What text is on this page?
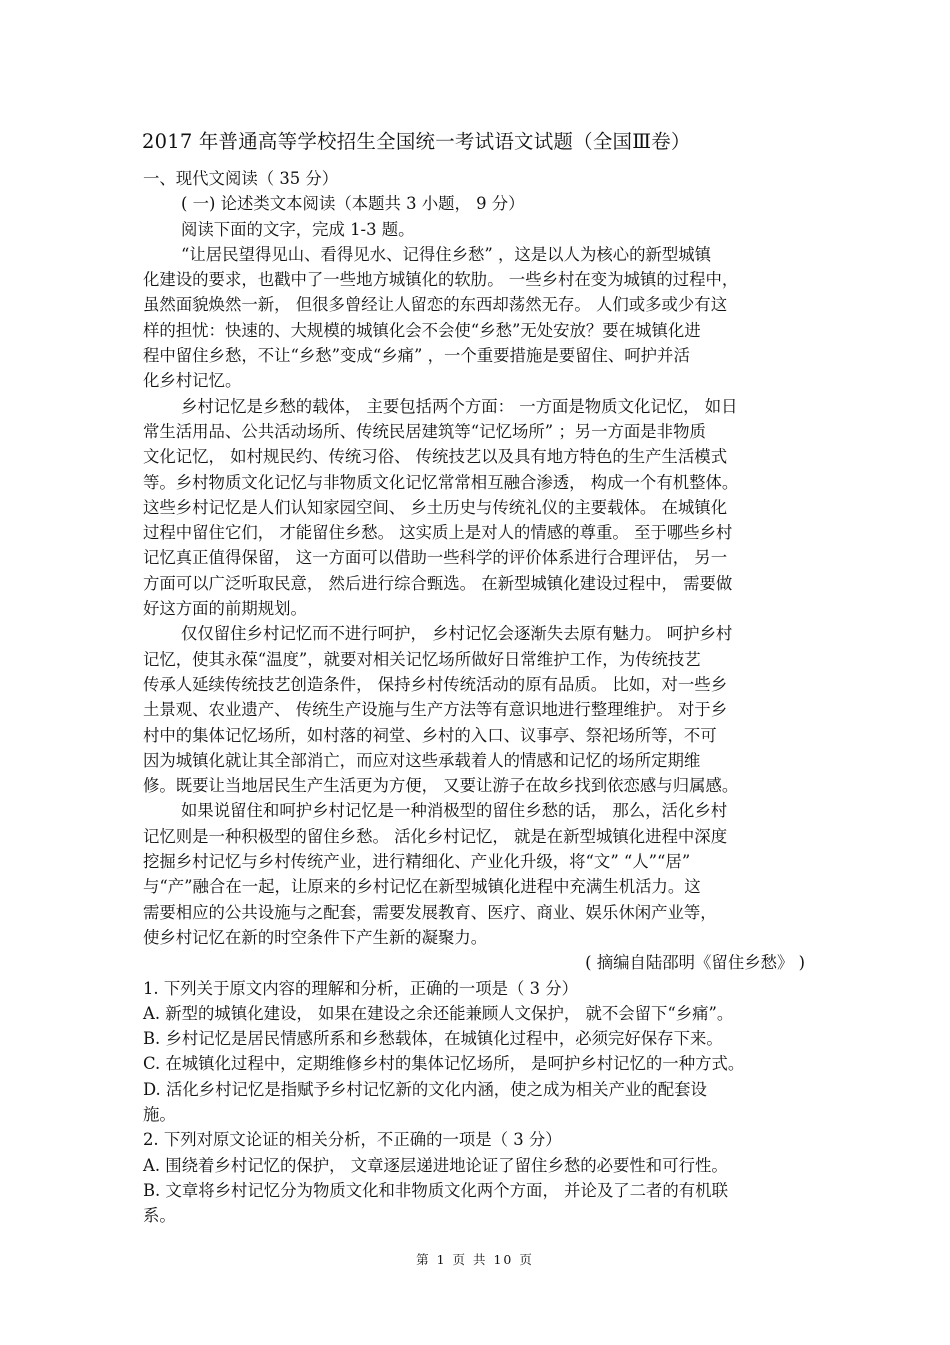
2017 年普通高等学校招生全国统一考试语文试题（全国Ⅲ卷）
一、现代文阅读（ 35 分）
( 一) 论述类文本阅读（本题共 3 小题， 9 分）
阅读下面的文字，完成 1-3 题。
“让居民望得见山、看得见水、记得住乡愁” ，这是以人为核心的新型城镇
化建设的要求，也戳中了一些地方城镇化的软肋。 一些乡村在变为城镇的过程中，
虽然面貌焕然一新， 但很多曾经让人留恋的东西却荡然无存。 人们或多或少有这
样的担忧：快速的、大规模的城镇化会不会使“乡愁”无处安放？要在城镇化进
程中留住乡愁，不让“乡愁”变成“乡痛” ，一个重要措施是要留住、呵护并活
化乡村记忆。
乡村记忆是乡愁的载体， 主要包括两个方面： 一方面是物质文化记忆， 如日
常生活用品、公共活动场所、传统民居建筑等“记忆场所” ；另一方面是非物质
文化记忆， 如村规民约、传统习俗、 传统技艺以及具有地方特色的生产生活模式
等。乡村物质文化记忆与非物质文化记忆常常相互融合渗透， 构成一个有机整体。
这些乡村记忆是人们认知家园空间、 乡土历史与传统礼仪的主要载体。 在城镇化
过程中留住它们， 才能留住乡愁。 这实质上是对人的情感的尊重。 至于哪些乡村
记忆真正值得保留， 这一方面可以借助一些科学的评价体系进行合理评估， 另一
方面可以广泛听取民意， 然后进行综合甄选。 在新型城镇化建设过程中， 需要做
好这方面的前期规划。
仅仅留住乡村记忆而不进行呵护， 乡村记忆会逐渐失去原有魅力。 呵护乡村
记忆，使其永葆“温度”，就要对相关记忆场所做好日常维护工作，为传统技艺
传承人延续传统技艺创造条件， 保持乡村传统活动的原有品质。 比如，对一些乡
土景观、农业遗产、 传统生产设施与生产方法等有意识地进行整理维护。 对于乡
村中的集体记忆场所，如村落的祠堂、乡村的入口、议事亭、祭祀场所等，不可
因为城镇化就让其全部消亡，而应对这些承载着人的情感和记忆的场所定期维
修。既要让当地居民生产生活更为方便， 又要让游子在故乡找到依恋感与归属感。
如果说留住和呵护乡村记忆是一种消极型的留住乡愁的话， 那么，活化乡村
记忆则是一种积极型的留住乡愁。 活化乡村记忆， 就是在新型城镇化进程中深度
挖掘乡村记忆与乡村传统产业，进行精细化、产业化升级，将“文” “人”“居”
与“产”融合在一起，让原来的乡村记忆在新型城镇化进程中充满生机活力。这
需要相应的公共设施与之配套，需要发展教育、医疗、商业、娱乐休闲产业等，
使乡村记忆在新的时空条件下产生新的凝聚力。
( 摘编自陆邵明《留住乡愁》 )
1. 下列关于原文内容的理解和分析，正确的一项是（ 3 分）
A. 新型的城镇化建设， 如果在建设之余还能兼顾人文保护， 就不会留下“乡痛”。
B. 乡村记忆是居民情感所系和乡愁载体，在城镇化过程中，必须完好保存下来。
C. 在城镇化过程中，定期维修乡村的集体记忆场所， 是呵护乡村记忆的一种方式。
D. 活化乡村记忆是指赋予乡村记忆新的文化内涵，使之成为相关产业的配套设
施。
2. 下列对原文论证的相关分析，不正确的一项是（ 3 分）
A. 围绕着乡村记忆的保护， 文章逐层递进地论证了留住乡愁的必要性和可行性。
B. 文章将乡村记忆分为物质文化和非物质文化两个方面， 并论及了二者的有机联
系。
第 1 页 共 10 页
